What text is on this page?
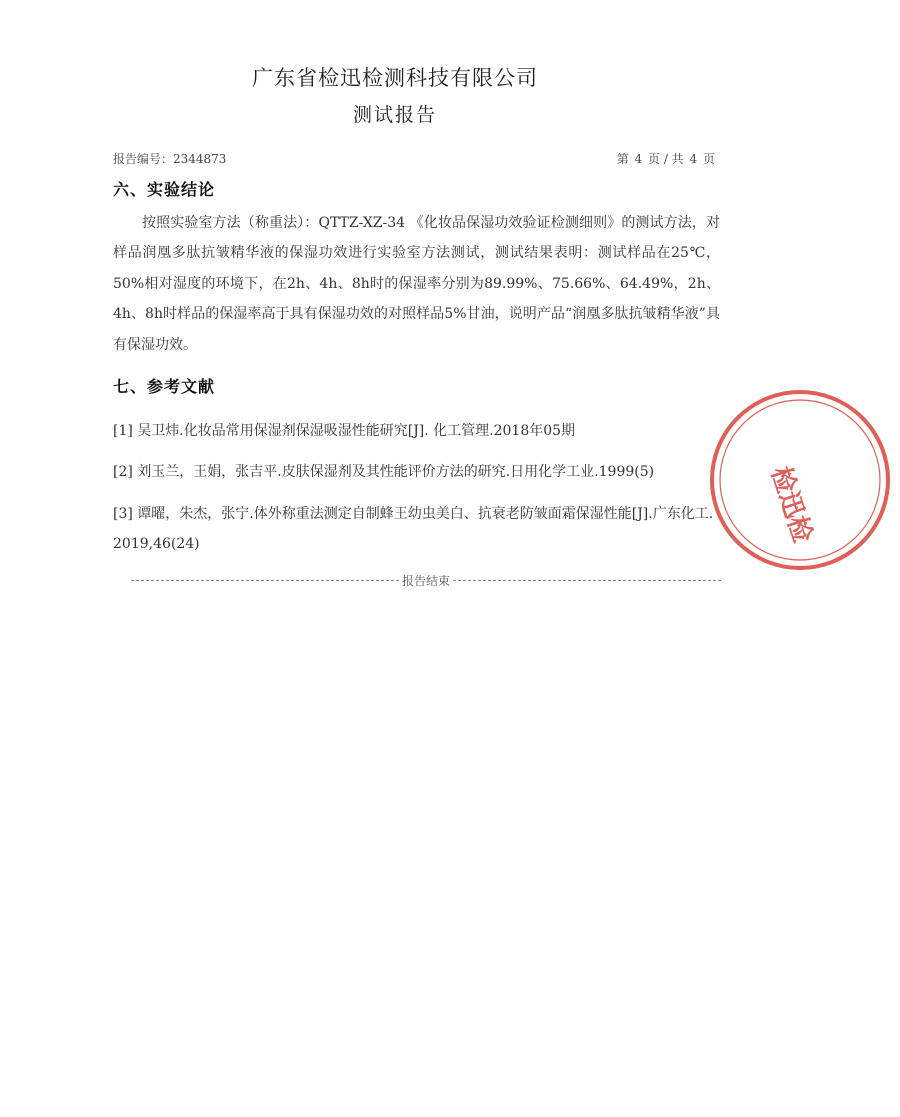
广东省检迅检测科技有限公司
测试报告
报告编号：2344873	第 4 页 / 共 4 页
六、实验结论
按照实验室方法（称重法）：QTTZ-XZ-34 《化妆品保湿功效验证检测细则》的测试方法，对样品润凰多肽抗皱精华液的保湿功效进行实验室方法测试，测试结果表明：测试样品在25℃，50%相对湿度的环境下，在2h、4h、8h时的保湿率分别为89.99%、75.66%、64.49%，2h、4h、8h时样品的保湿率高于具有保湿功效的对照样品5%甘油，说明产品“润凰多肽抗皱精华液”具有保湿功效。
七、参考文献
[1] 吴卫炜.化妆品常用保湿剂保湿吸湿性能研究[J]. 化工管理.2018年05期
[2] 刘玉兰，王娟，张吉平.皮肤保湿剂及其性能评价方法的研究.日用化学工业.1999(5)
[3] 谭曜，朱杰，张宁.体外称重法测定自制蜂王幼虫美白、抗衰老防皱面霜保湿性能[J].广东化工. 2019,46(24)
报告结束
检迅检
